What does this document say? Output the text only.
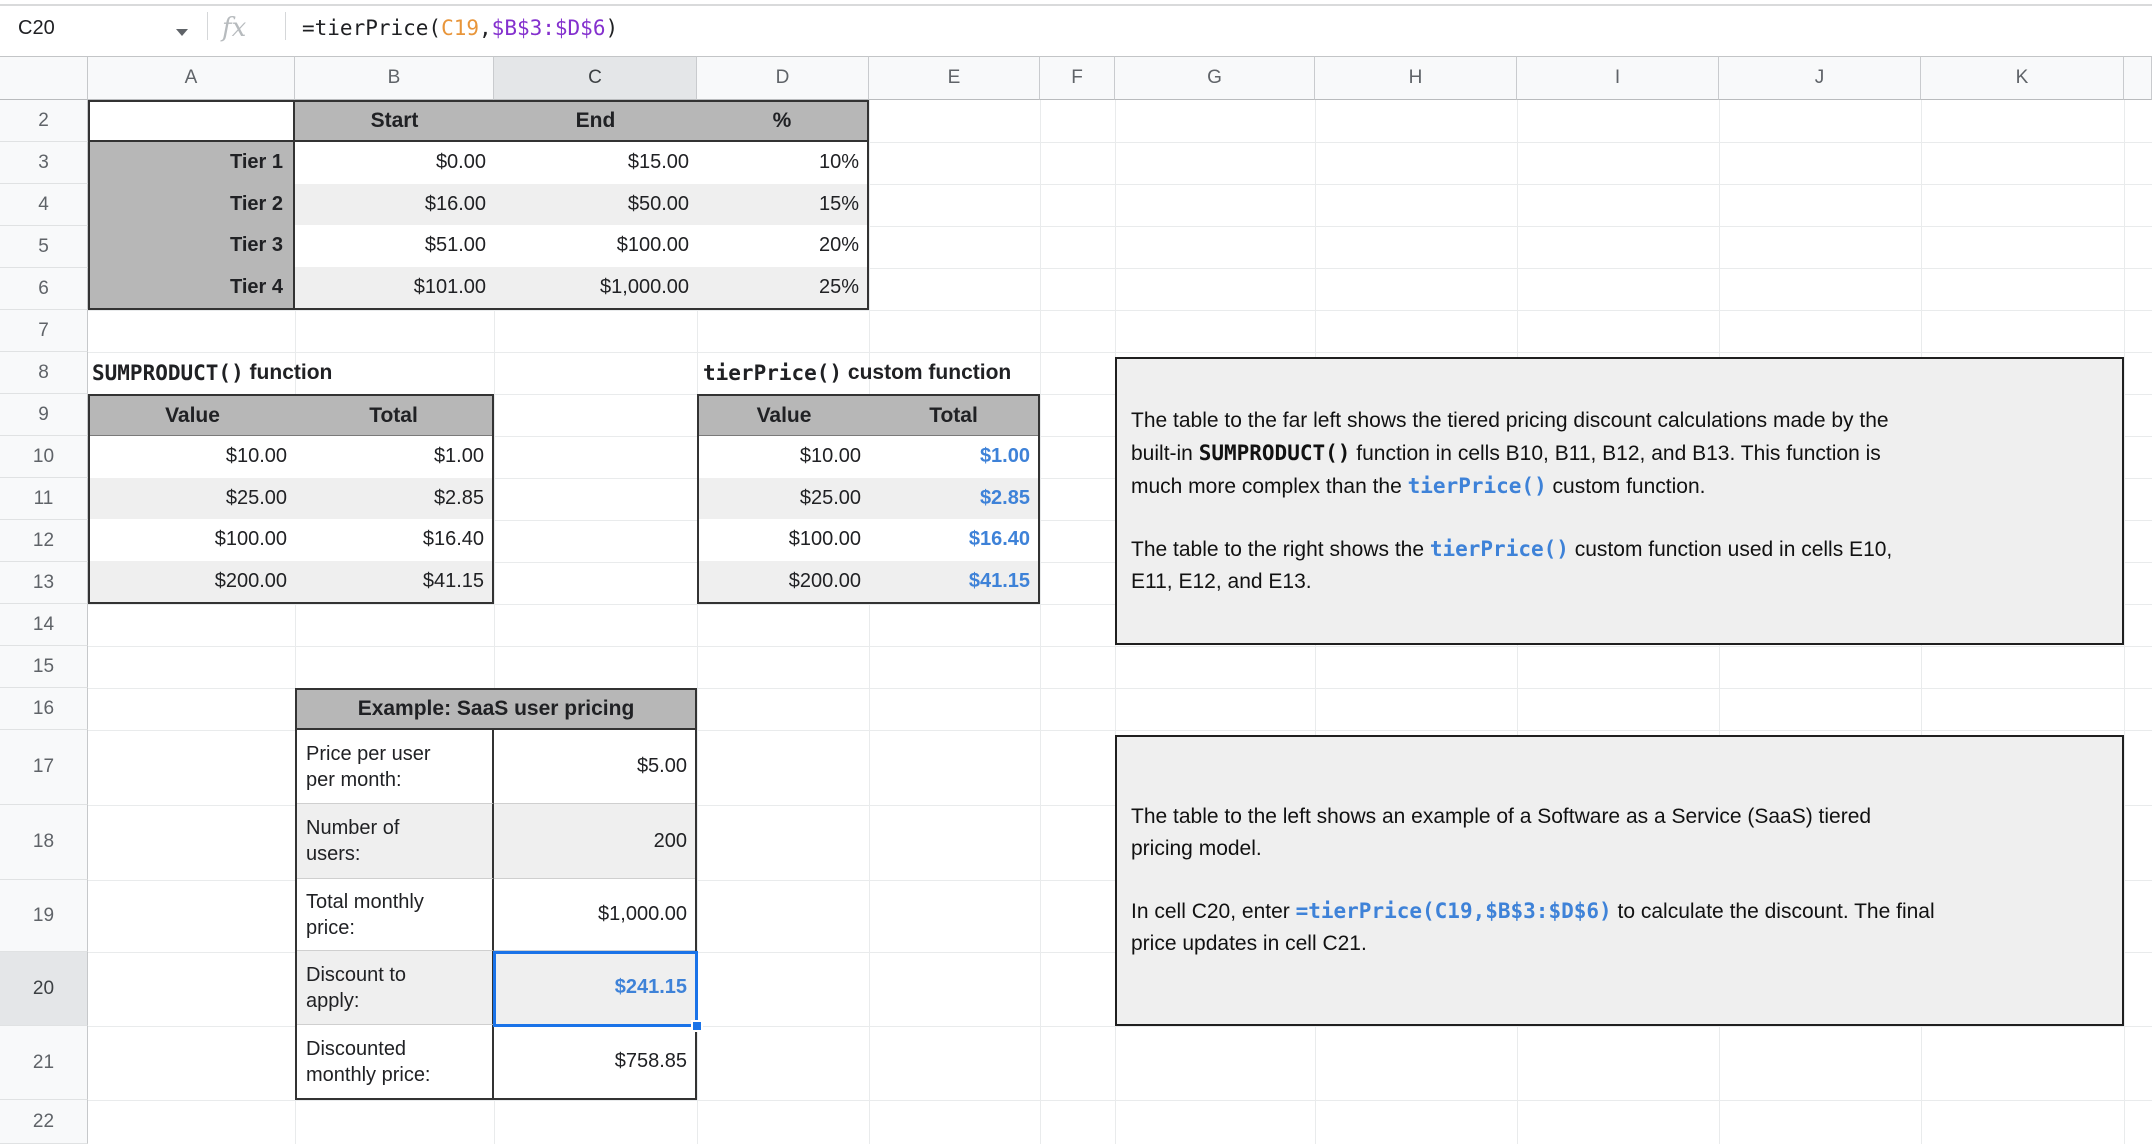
C20	fx	=tierPrice( C19 , $B$3:$D$6 )
A	B	C	D	E	F	G	H	I	J	K
2
3
4
5
6
7
8
9
10
11
12
13
14
15
16
17
18
19
20
21
22
Start	End	%
Tier 1	$0.00	$15.00	10%
Tier 2	$16.00	$50.00	15%
Tier 3	$51.00	$100.00	20%
Tier 4	$101.00	$1,000.00	25%
SUMPRODUCT() function
Value	Total
$10.00	$1.00
$25.00	$2.85
$100.00	$16.40
$200.00	$41.15
tierPrice() custom function
Value	Total
$10.00	$1.00
$25.00	$2.85
$100.00	$16.40
$200.00	$41.15
Example: SaaS user pricing
Price per user per month:
$5.00
Number of users:
200
Total monthly price:
$1,000.00
Discount to apply:
$241.15
Discounted monthly price:
$758.85

The table to the far left shows the tiered pricing discount calculations made by the
built-in SUMPRODUCT() function in cells B10, B11, B12, and B13. This function is
much more complex than the tierPrice() custom function.

The table to the right shows the tierPrice() custom function used in cells E10,
E11, E12, and E13.

The table to the left shows an example of a Software as a Service (SaaS) tiered
pricing model.

In cell C20, enter =tierPrice(C19,$B$3:$D$6) to calculate the discount. The final
price updates in cell C21.
